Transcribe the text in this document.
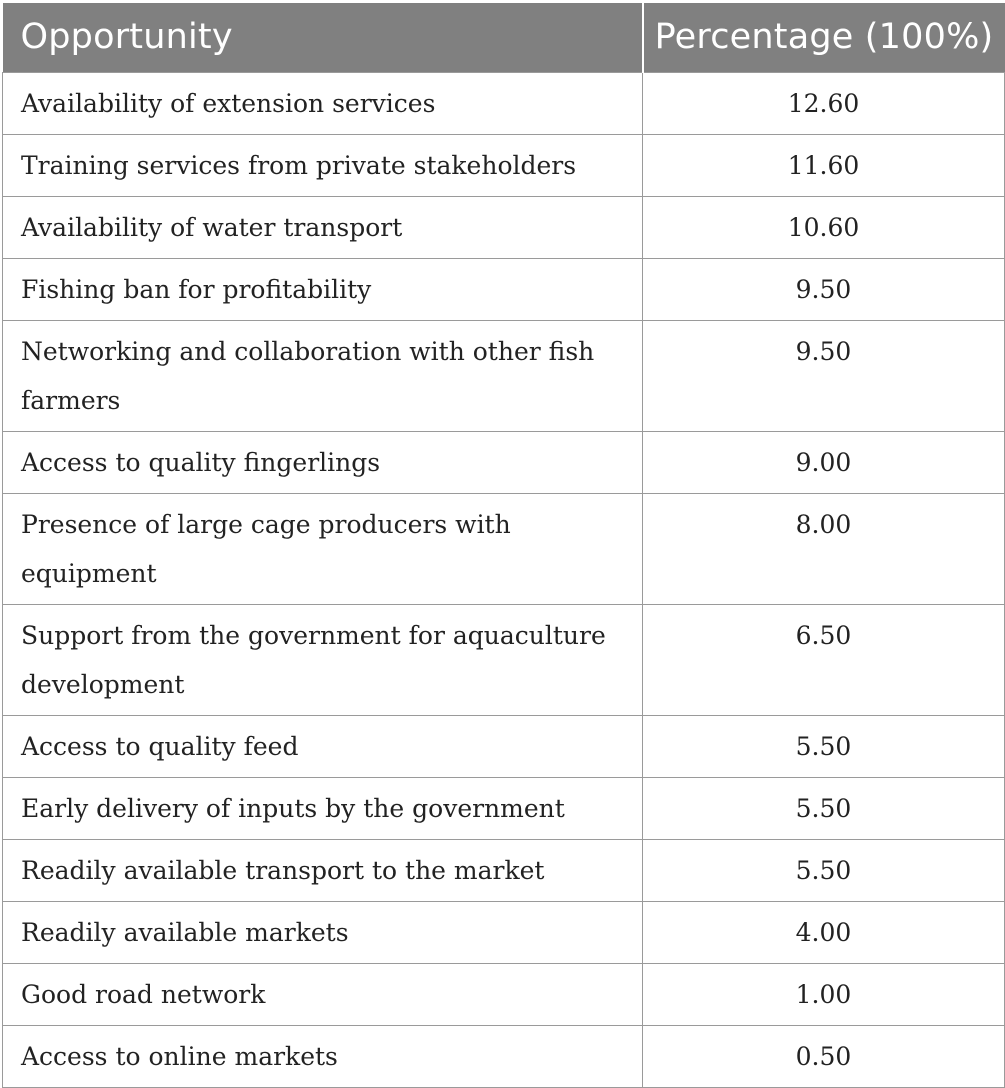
Opportunity	Percentage (100%)
Availability of extension services	12.60
Training services from private stakeholders	11.60
Availability of water transport	10.60
Fishing ban for profitability	9.50
Networking and collaboration with other fish farmers	9.50
Access to quality fingerlings	9.00
Presence of large cage producers with equipment	8.00
Support from the government for aquaculture development	6.50
Access to quality feed	5.50
Early delivery of inputs by the government	5.50
Readily available transport to the market	5.50
Readily available markets	4.00
Good road network	1.00
Access to online markets	0.50
